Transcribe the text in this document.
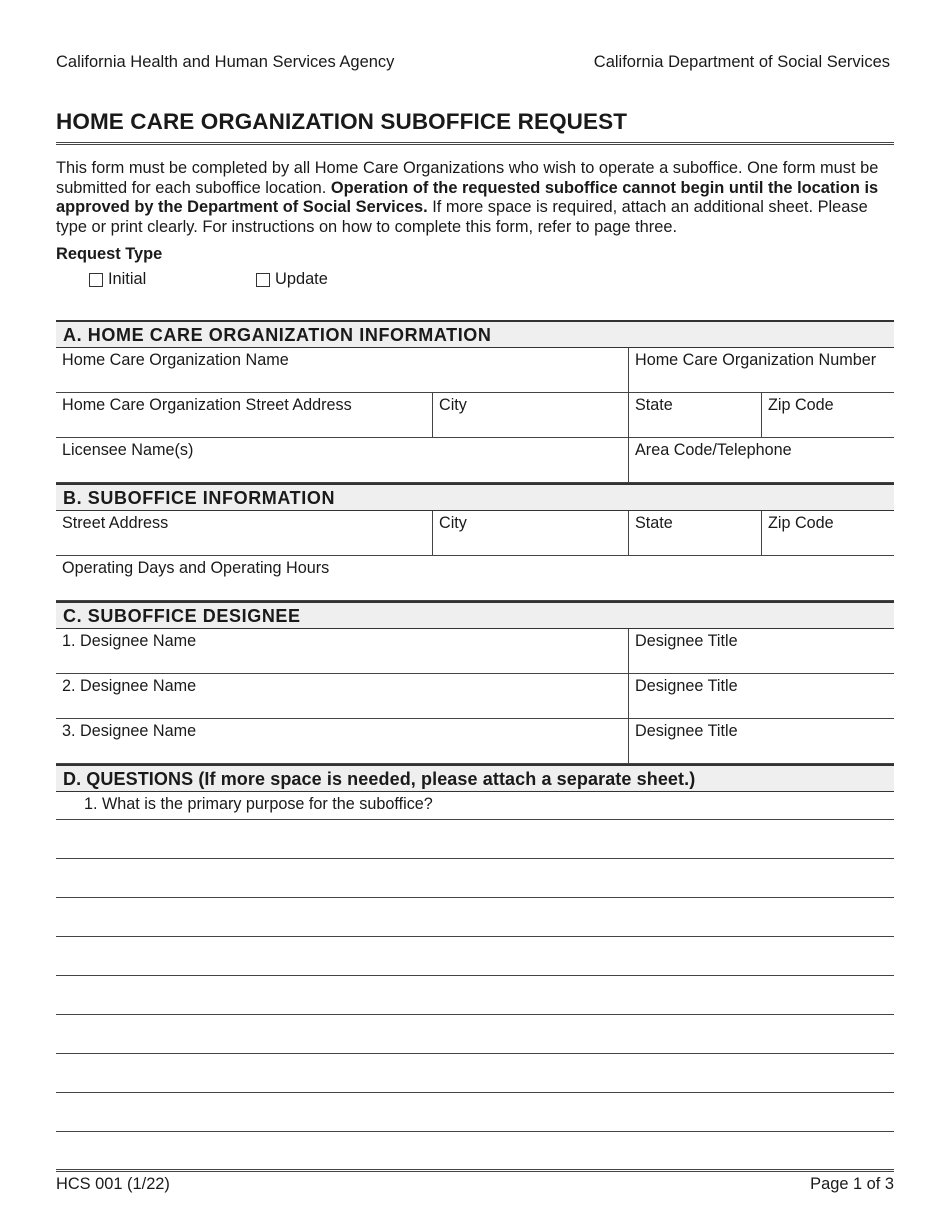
California Health and Human Services Agency	California Department of Social Services
HOME CARE ORGANIZATION SUBOFFICE REQUEST

This form must be completed by all Home Care Organizations who wish to operate a suboffice. One form must be submitted for each suboffice location. Operation of the requested suboffice cannot begin until the location is approved by the Department of Social Services. If more space is required, attach an additional sheet. Please type or print clearly. For instructions on how to complete this form, refer to page three.

Request Type
Initial	Update
A. HOME CARE ORGANIZATION INFORMATION
Home Care Organization Name	Home Care Organization Number
Home Care Organization Street Address	City	State	Zip Code
Licensee Name(s)	Area Code/Telephone
B. SUBOFFICE INFORMATION
Street Address	City	State	Zip Code
Operating Days and Operating Hours
C. SUBOFFICE DESIGNEE
1. Designee Name	Designee Title
2. Designee Name	Designee Title
3. Designee Name	Designee Title
D. QUESTIONS (If more space is needed, please attach a separate sheet.)
1. What is the primary purpose for the suboffice?
HCS 001 (1/22)	Page 1 of 3
